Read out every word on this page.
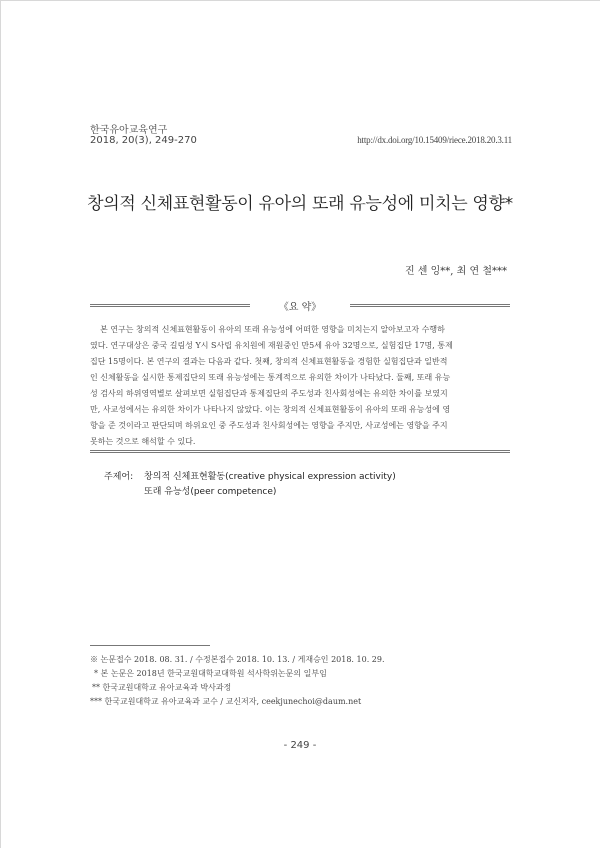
한국유아교육연구
2018, 20(3), 249-270	http://dx.doi.org/10.15409/riece.2018.20.3.11
창의적 신체표현활동이 유아의 또래 유능성에 미치는 영향*
진 센 잉**, 최 연 철***
《요 약》
본 연구는 창의적 신체표현활동이 유아의 또래 유능성에 어떠한 영향을 미치는지 알아보고자 수행하
였다. 연구대상은 중국 길림성 Y시 S사립 유치원에 재원중인 만5세 유아 32명으로, 실험집단 17명, 통제
집단 15명이다. 본 연구의 결과는 다음과 같다. 첫째, 창의적 신체표현활동을 경험한 실험집단과 일반적
인 신체활동을 실시한 통제집단의 또래 유능성에는 통계적으로 유의한 차이가 나타났다. 둘째, 또래 유능
성 검사의 하위영역별로 살펴보면 실험집단과 통제집단의 주도성과 친사회성에는 유의한 차이를 보였지
만, 사교성에서는 유의한 차이가 나타나지 않았다. 이는 창의적 신체표현활동이 유아의 또래 유능성에 영
향을 준 것이라고 판단되며 하위요인 중 주도성과 친사회성에는 영향을 주지만, 사교성에는 영향을 주지
못하는 것으로 해석할 수 있다.
주제어: 창의적 신체표현활동(creative physical expression activity)
또래 유능성(peer competence)
※ 논문접수 2018. 08. 31. / 수정본접수 2018. 10. 13. / 게재승인 2018. 10. 29.
* 본 논문은 2018년 한국교원대학교대학원 석사학위논문의 일부임
** 한국교원대학교 유아교육과 박사과정
*** 한국교원대학교 유아교육과 교수 / 교신저자, ceekjunechoi@daum.net
- 249 -
